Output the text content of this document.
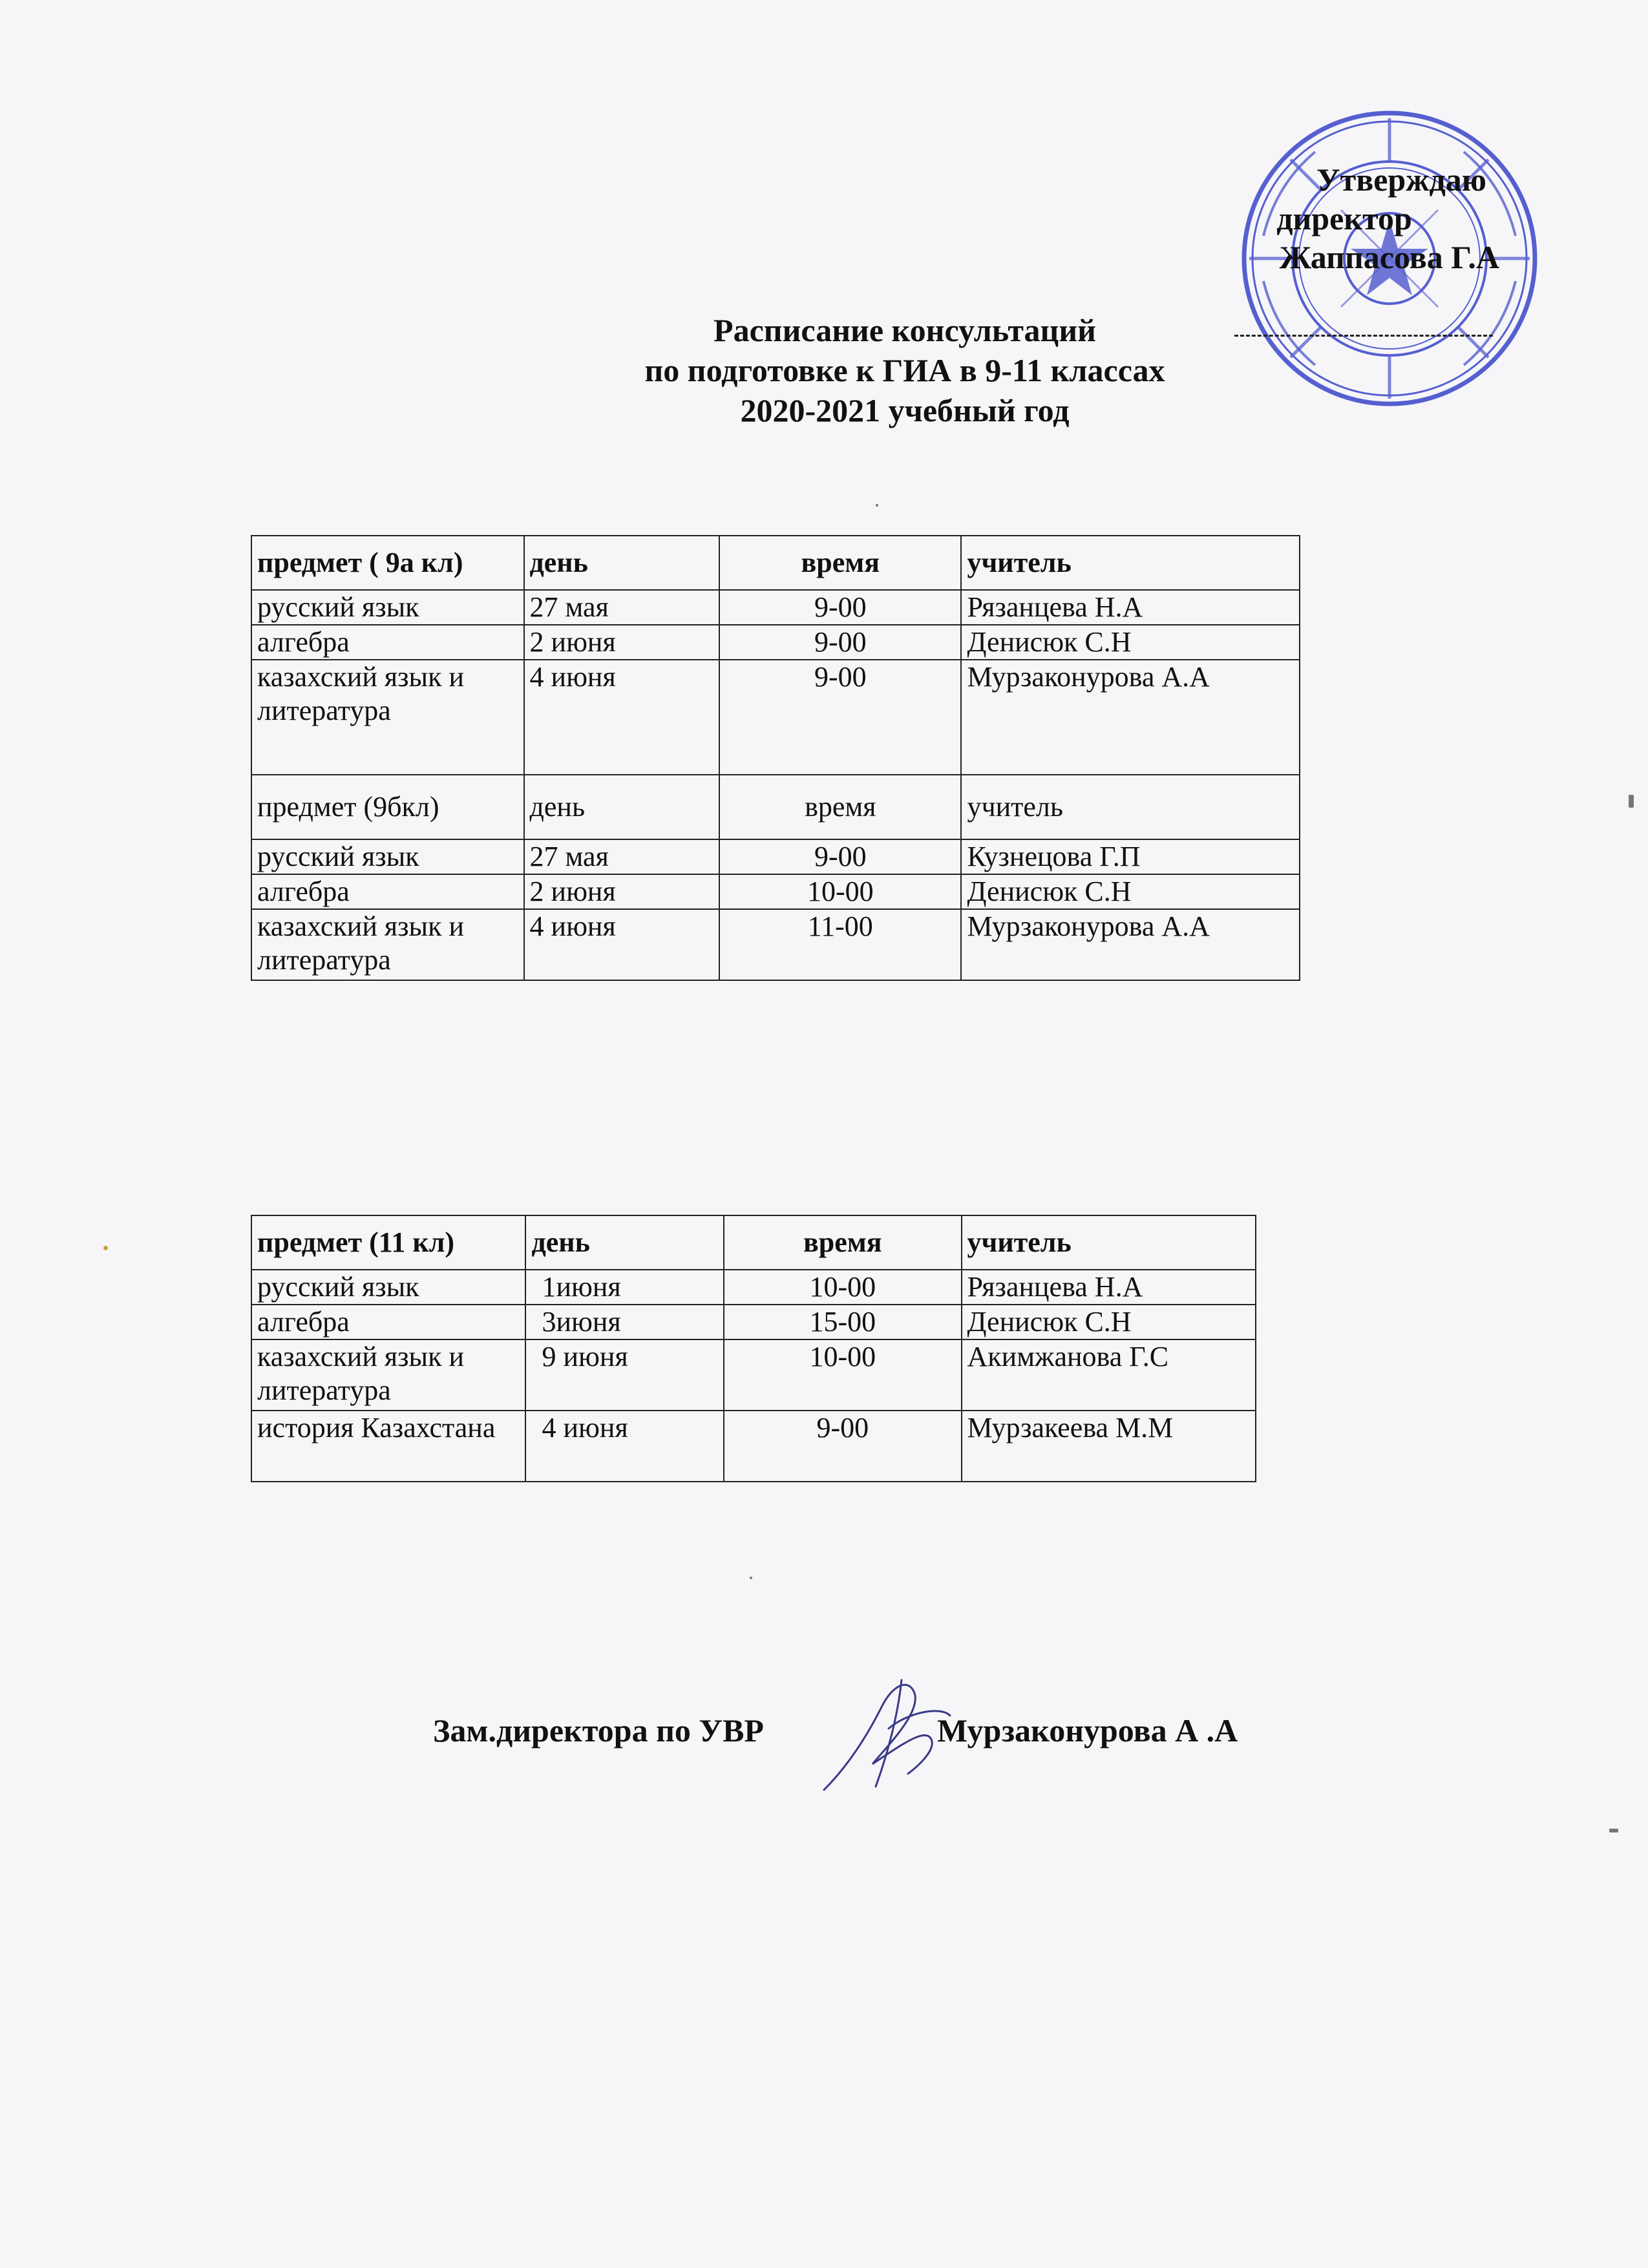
Утверждаю
директор
Жаппасова Г.А
Расписание консультаций
по подготовке к ГИА в 9-11 классах
2020-2021 учебный год
предмет ( 9а кл)	день	время	учитель
русский язык	27 мая	9-00	Рязанцева Н.А
алгебра	2 июня	9-00	Денисюк С.Н
казахский язык и литература	4 июня	9-00	Мурзаконурова А.А
предмет (9бкл)	день	время	учитель
русский язык	27 мая	9-00	Кузнецова Г.П
алгебра	2 июня	10-00	Денисюк С.Н
казахский язык и литература	4 июня	11-00	Мурзаконурова А.А
предмет (11 кл)	день	время	учитель
русский язык	1июня	10-00	Рязанцева Н.А
алгебра	3июня	15-00	Денисюк С.Н
казахский язык и литература	9 июня	10-00	Акимжанова Г.С
история Казахстана	4 июня	9-00	Мурзакеева М.М
Зам.директора по УВР	Мурзаконурова А .А
